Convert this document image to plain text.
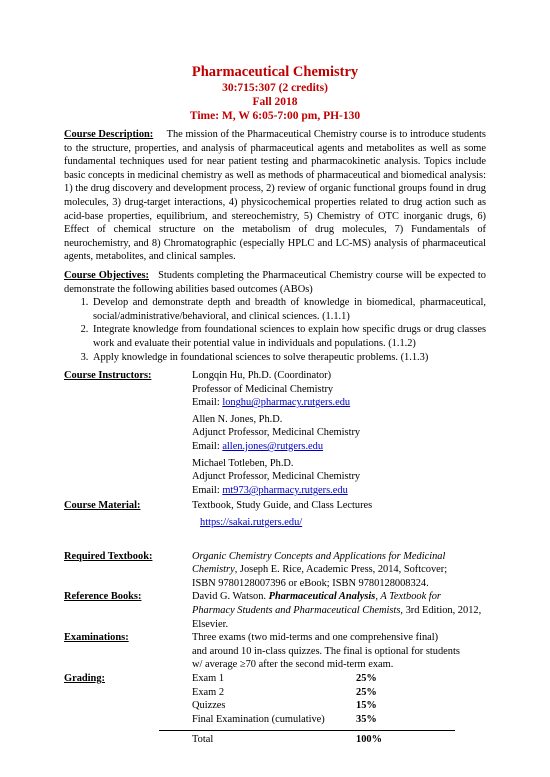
Pharmaceutical Chemistry
30:715:307 (2 credits)
Fall 2018
Time: M, W 6:05-7:00 pm, PH-130

Course Description: The mission of the Pharmaceutical Chemistry course is to introduce students to the structure, properties, and analysis of pharmaceutical agents and metabolites as well as some fundamental techniques used for near patient testing and pharmacokinetic analysis. Topics include basic concepts in medicinal chemistry as well as methods of pharmaceutical and biomedical analysis: 1) the drug discovery and development process, 2) review of organic functional groups found in drug molecules, 3) drug-target interactions, 4) physicochemical properties related to drug action such as acid-base properties, equilibrium, and stereochemistry, 5) Chemistry of OTC inorganic drugs, 6) Effect of chemical structure on the metabolism of drug molecules, 7) Fundamentals of neurochemistry, and 8) Chromatographic (especially HPLC and LC-MS) analysis of pharmaceutical agents, metabolites, and clinical samples.

Course Objectives: Students completing the Pharmaceutical Chemistry course will be expected to demonstrate the following abilities based outcomes (ABOs)

1. Develop and demonstrate depth and breadth of knowledge in biomedical, pharmaceutical, social/administrative/behavioral, and clinical sciences. (1.1.1)
2. Integrate knowledge from foundational sciences to explain how specific drugs or drug classes work and evaluate their potential value in individuals and populations. (1.1.2)
3. Apply knowledge in foundational sciences to solve therapeutic problems. (1.1.3)
Course Instructors:	Longqin Hu, Ph.D. (Coordinator)

Professor of Medicinal Chemistry

Email: longhu@pharmacy.rutgers.edu

Allen N. Jones, Ph.D.

Adjunct Professor, Medicinal Chemistry

Email: allen.jones@rutgers.edu

Michael Totleben, Ph.D.

Adjunct Professor, Medicinal Chemistry

Email: mt973@pharmacy.rutgers.edu

Course Material:	Textbook, Study Guide, and Class Lectures

https://sakai.rutgers.edu/

Required Textbook:	Organic Chemistry Concepts and Applications for Medicinal Chemistry, Joseph E. Rice, Academic Press, 2014, Softcover;

ISBN 9780128007396 or eBook; ISBN 9780128008324.

Reference Books:	David G. Watson. Pharmaceutical Analysis, A Textbook for Pharmacy Students and Pharmaceutical Chemists, 3rd Edition, 2012, Elsevier.

Examinations:	Three exams (two mid-terms and one comprehensive final)

and around 10 in-class quizzes. The final is optional for students

w/ average ≥70 after the second mid-term exam.

Grading:	Exam 1	25%
Exam 2	25%
Quizzes	15%
Final Examination (cumulative)	35%
Total	100%
